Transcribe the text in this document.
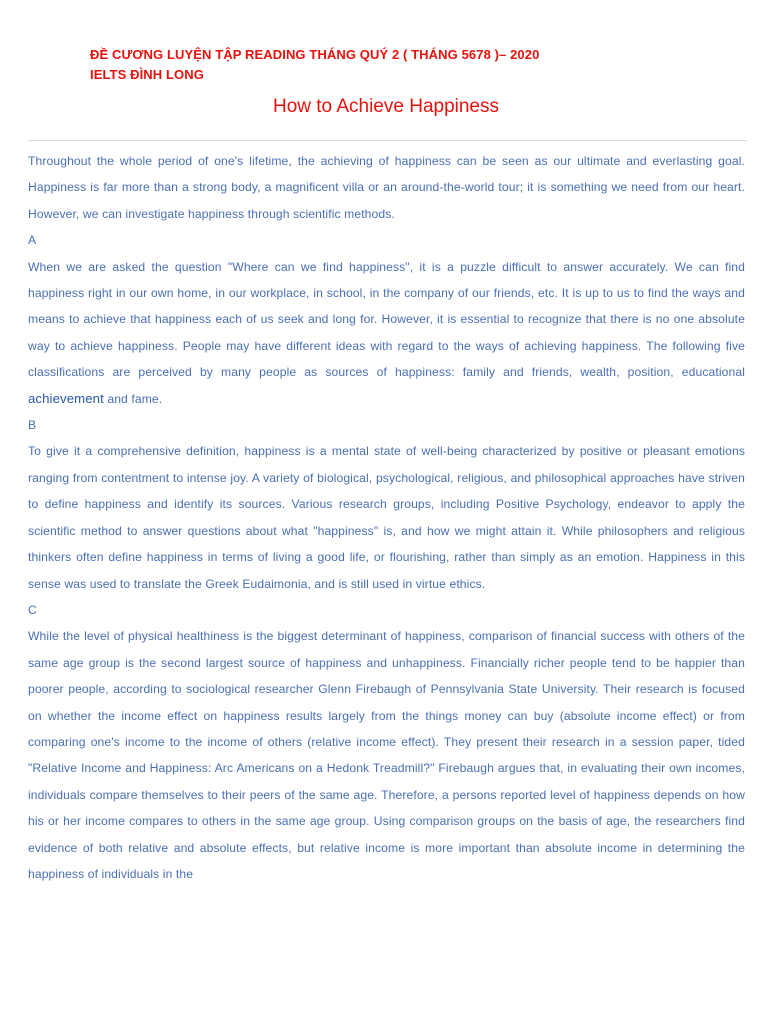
ĐỀ CƯƠNG LUYỆN TẬP READING THÁNG QUÝ 2 ( THÁNG 5678 )– 2020
IELTS ĐÌNH LONG
How to Achieve Happiness

Throughout the whole period of one's lifetime, the achieving of happiness can be seen as our ultimate and everlasting goal. Happiness is far more than a strong body, a magnificent villa or an around-the-world tour; it is something we need from our heart. However, we can investigate happiness through scientific methods.

A

When we are asked the question "Where can we find happiness", it is a puzzle difficult to answer accurately. We can find happiness right in our own home, in our workplace, in school, in the company of our friends, etc. It is up to us to find the ways and means to achieve that happiness each of us seek and long for. However, it is essential to recognize that there is no one absolute way to achieve happiness. People may have different ideas with regard to the ways of achieving happiness. The following five classifications are perceived by many people as sources of happiness: family and friends, wealth, position, educational achievement and fame.

B

To give it a comprehensive definition, happiness is a mental state of well-being characterized by positive or pleasant emotions ranging from contentment to intense joy. A variety of biological, psychological, religious, and philosophical approaches have striven to define happiness and identify its sources. Various research groups, including Positive Psychology, endeavor to apply the scientific method to answer questions about what "happiness" is, and how we might attain it. While philosophers and religious thinkers often define happiness in terms of living a good life, or flourishing, rather than simply as an emotion. Happiness in this sense was used to translate the Greek Eudaimonia, and is still used in virtue ethics.

C

While the level of physical healthiness is the biggest determinant of happiness, comparison of financial success with others of the same age group is the second largest source of happiness and unhappiness. Financially richer people tend to be happier than poorer people, according to sociological researcher Glenn Firebaugh of Pennsylvania State University. Their research is focused on whether the income effect on happiness results largely from the things money can buy (absolute income effect) or from comparing one's income to the income of others (relative income effect). They present their research in a session paper, tided "Relative Income and Happiness: Arc Americans on a Hedonk Treadmill?" Firebaugh argues that, in evaluating their own incomes, individuals compare themselves to their peers of the same age. Therefore, a persons reported level of happiness depends on how his or her income compares to others in the same age group. Using comparison groups on the basis of age, the researchers find evidence of both relative and absolute effects, but relative income is more important than absolute income in determining the happiness of individuals in the
